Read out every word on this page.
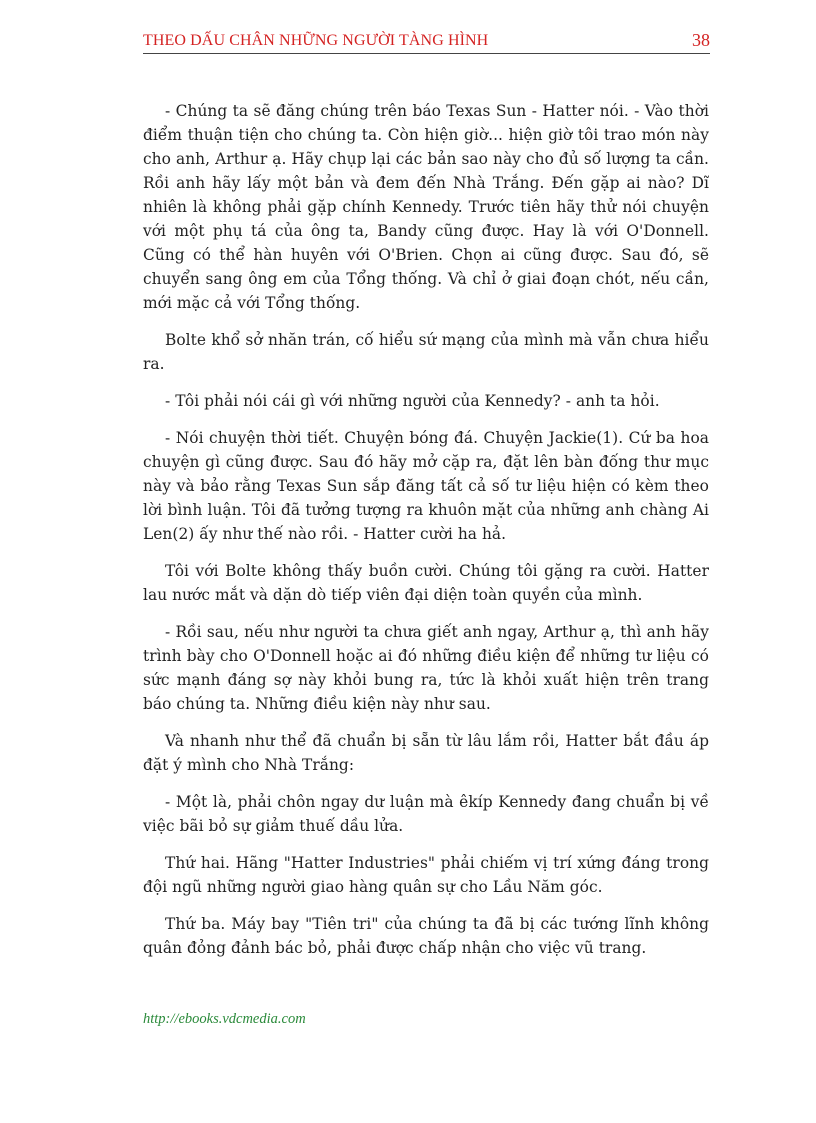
THEO DẤU CHÂN NHỮNG NGƯỜI TÀNG HÌNH	38

- Chúng ta sẽ đăng chúng trên báo Texas Sun - Hatter nói. - Vào thời điểm thuận tiện cho chúng ta. Còn hiện giờ... hiện giờ tôi trao món này cho anh, Arthur ạ. Hãy chụp lại các bản sao này cho đủ số lượng ta cần. Rồi anh hãy lấy một bản và đem đến Nhà Trắng. Đến gặp ai nào? Dĩ nhiên là không phải gặp chính Kennedy. Trước tiên hãy thử nói chuyện với một phụ tá của ông ta, Bandy cũng được. Hay là với O'Donnell. Cũng có thể hàn huyên với O'Brien. Chọn ai cũng được. Sau đó, sẽ chuyển sang ông em của Tổng thống. Và chỉ ở giai đoạn chót, nếu cần, mới mặc cả với Tổng thống.

Bolte khổ sở nhăn trán, cố hiểu sứ mạng của mình mà vẫn chưa hiểu ra.

- Tôi phải nói cái gì với những người của Kennedy? - anh ta hỏi.

- Nói chuyện thời tiết. Chuyện bóng đá. Chuyện Jackie(1). Cứ ba hoa chuyện gì cũng được. Sau đó hãy mở cặp ra, đặt lên bàn đống thư mục này và bảo rằng Texas Sun sắp đăng tất cả số tư liệu hiện có kèm theo lời bình luận. Tôi đã tưởng tượng ra khuôn mặt của những anh chàng Ai Len(2) ấy như thế nào rồi. - Hatter cười ha hả.

Tôi với Bolte không thấy buồn cười. Chúng tôi gặng ra cười. Hatter lau nước mắt và dặn dò tiếp viên đại diện toàn quyền của mình.

- Rồi sau, nếu như người ta chưa giết anh ngay, Arthur ạ, thì anh hãy trình bày cho O'Donnell hoặc ai đó những điều kiện để những tư liệu có sức mạnh đáng sợ này khỏi bung ra, tức là khỏi xuất hiện trên trang báo chúng ta. Những điều kiện này như sau.

Và nhanh như thể đã chuẩn bị sẵn từ lâu lắm rồi, Hatter bắt đầu áp đặt ý mình cho Nhà Trắng:

- Một là, phải chôn ngay dư luận mà êkíp Kennedy đang chuẩn bị về việc bãi bỏ sự giảm thuế dầu lửa.

Thứ hai. Hãng "Hatter Industries" phải chiếm vị trí xứng đáng trong đội ngũ những người giao hàng quân sự cho Lầu Năm góc.

Thứ ba. Máy bay "Tiên tri" của chúng ta đã bị các tướng lĩnh không quân đỏng đảnh bác bỏ, phải được chấp nhận cho việc vũ trang.

http://ebooks.vdcmedia.com
